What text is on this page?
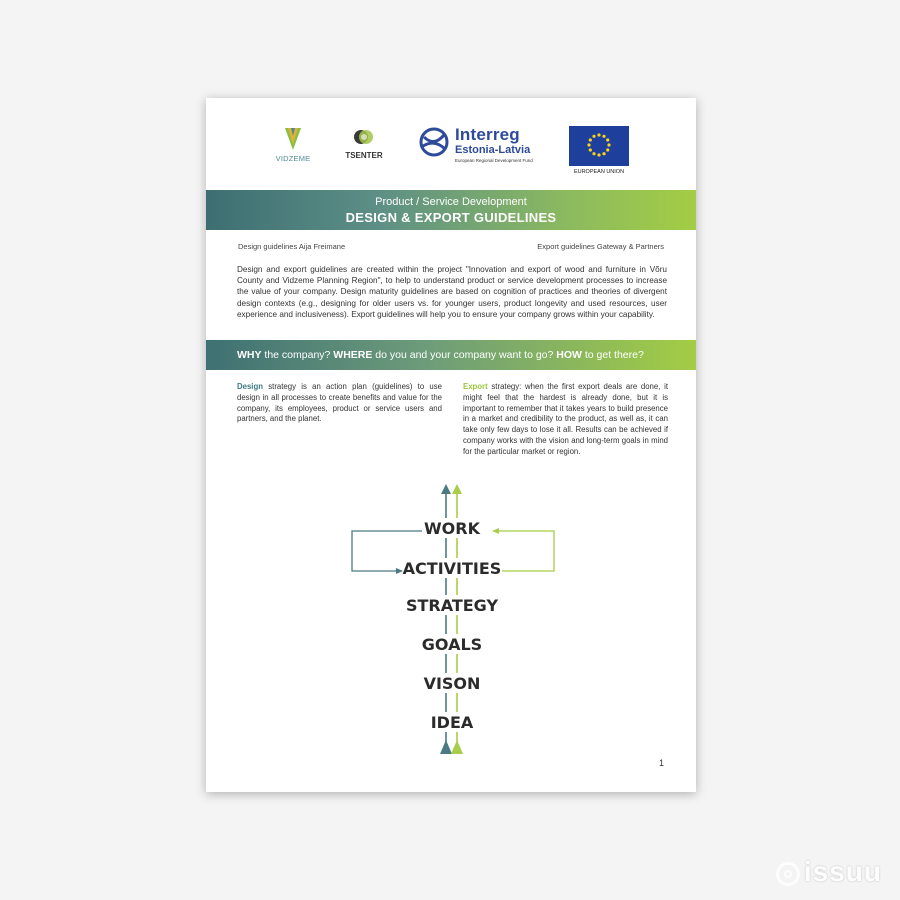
VIDZEME	TSENTER
Interreg
Estonia-Latvia
European Regional Development Fund
EUROPEAN UNION
Product / Service Development
DESIGN & EXPORT GUIDELINES
Design guidelines Aija Freimane	Export guidelines Gateway & Partners
Design and export guidelines are created within the project "Innovation and export of wood and furniture in Võru County and Vidzeme Planning Region", to help to understand product or service development processes to increase the value of your company. Design maturity guidelines are based on cognition of practices and theories of divergent design contexts (e.g., designing for older users vs. for younger users, product longevity and used resources, user experience and inclusiveness). Export guidelines will help you to ensure your company grows within your capability.
WHY the company? WHERE do you and your company want to go? HOW to get there?
Design strategy is an action plan (guidelines) to use design in all processes to create benefits and value for the company, its employees, product or service users and partners, and the planet.
Export strategy: when the first export deals are done, it might feel that the hardest is already done, but it is important to remember that it takes years to build presence in a market and credibility to the product, as well as, it can take only few days to lose it all. Results can be achieved if company works with the vision and long-term goals in mind for the particular market or region.
WORK
ACTIVITIES
STRATEGY
GOALS
VISON
IDEA
1
issuu
